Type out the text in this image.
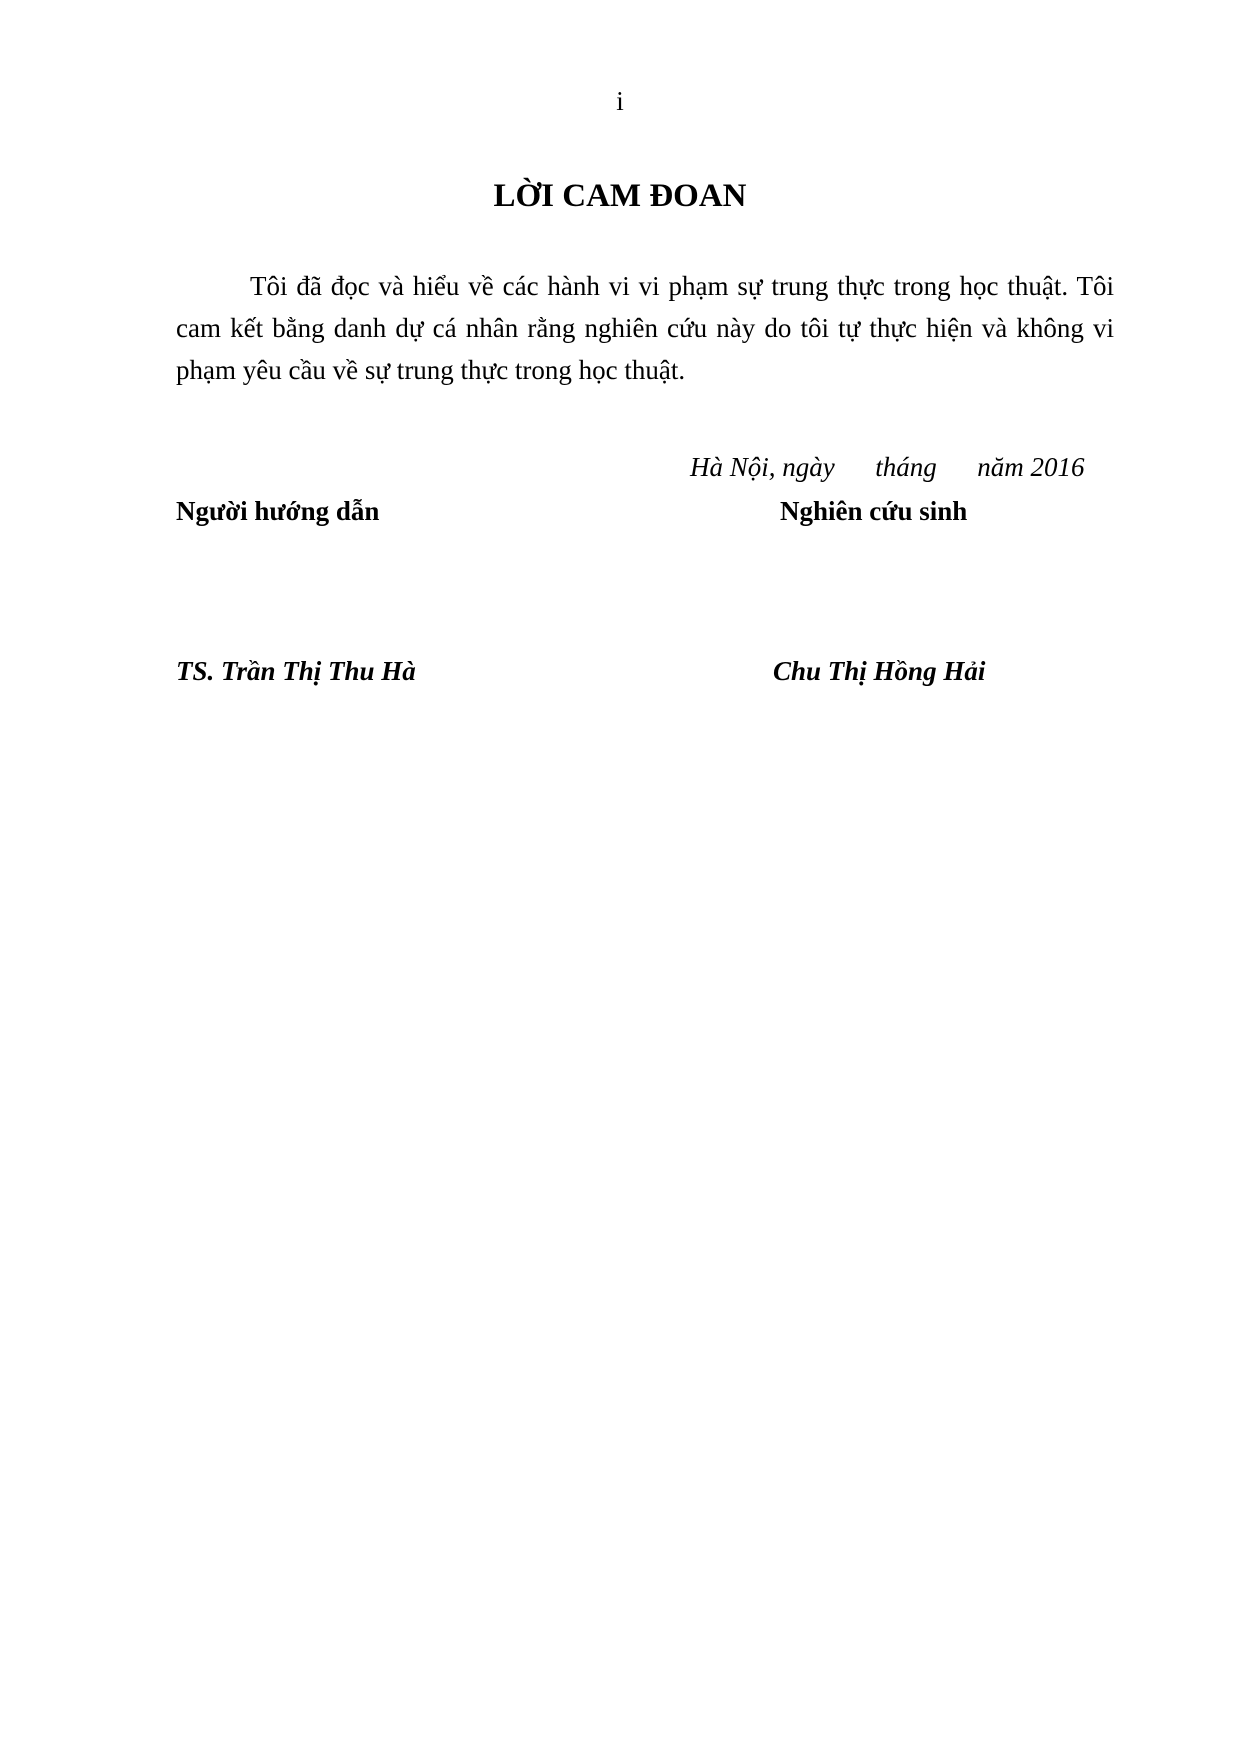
i
LỜI CAM ĐOAN

Tôi đã đọc và hiểu về các hành vi vi phạm sự trung thực trong học thuật. Tôi cam kết bằng danh dự cá nhân rằng nghiên cứu này do tôi tự thực hiện và không vi phạm yêu cầu về sự trung thực trong học thuật.

Hà Nội, ngày      tháng      năm 2016
Người hướng dẫn	Nghiên cứu sinh
TS. Trần Thị Thu Hà	Chu Thị Hồng Hải
